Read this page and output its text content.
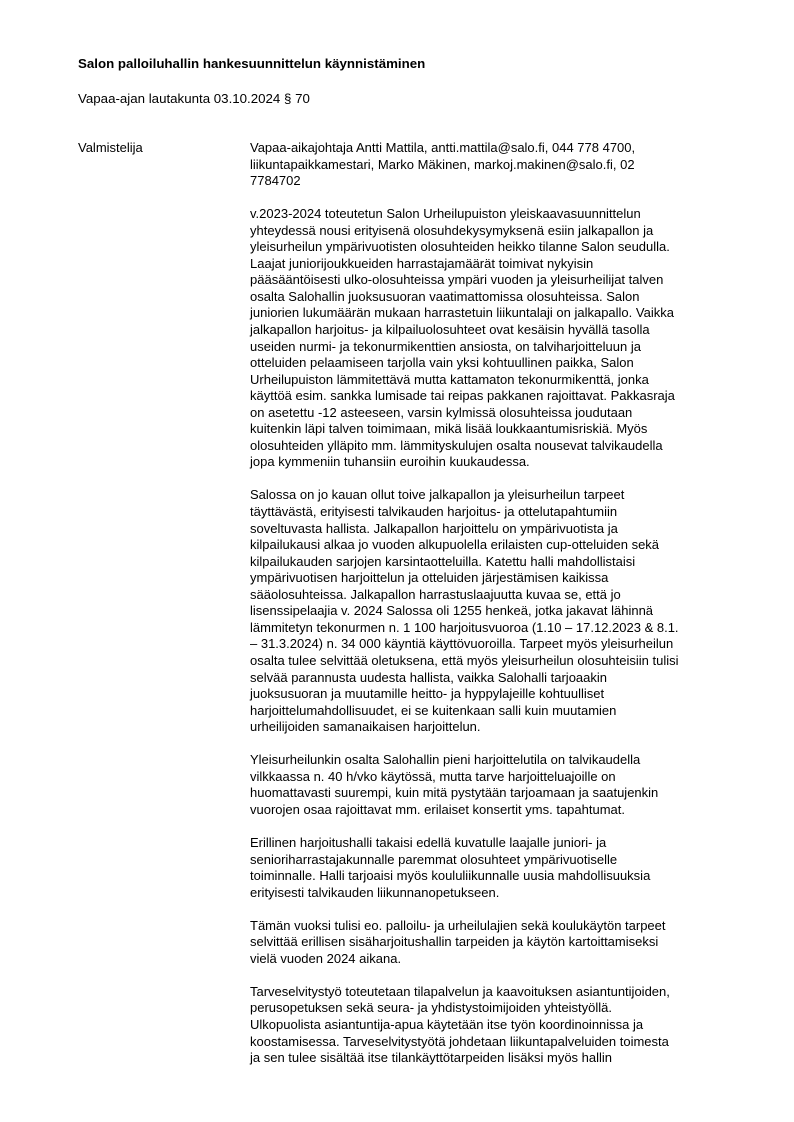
Salon palloiluhallin hankesuunnittelun käynnistäminen
Vapaa-ajan lautakunta 03.10.2024 § 70
Valmistelija	Vapaa-aikajohtaja Antti Mattila, antti.mattila@salo.fi, 044 778 4700,
liikuntapaikkamestari, Marko Mäkinen, markoj.makinen@salo.fi, 02
7784702
v.2023-2024 toteutetun Salon Urheilupuiston yleiskaavasuunnittelun
yhteydessä nousi erityisenä olosuhdekysymyksenä esiin jalkapallon ja
yleisurheilun ympärivuotisten olosuhteiden heikko tilanne Salon seudulla.
Laajat juniorijoukkueiden harrastajamäärät toimivat nykyisin
pääsääntöisesti ulko-olosuhteissa ympäri vuoden ja yleisurheilijat talven
osalta Salohallin juoksusuoran vaatimattomissa olosuhteissa. Salon
juniorien lukumäärän mukaan harrastetuin liikuntalaji on jalkapallo. Vaikka
jalkapallon harjoitus- ja kilpailuolosuhteet ovat kesäisin hyvällä tasolla
useiden nurmi- ja tekonurmikenttien ansiosta, on talviharjoitteluun ja
otteluiden pelaamiseen tarjolla vain yksi kohtuullinen paikka, Salon
Urheilupuiston lämmitettävä mutta kattamaton tekonurmikenttä, jonka
käyttöä esim. sankka lumisade tai reipas pakkanen rajoittavat. Pakkasraja
on asetettu -12 asteeseen, varsin kylmissä olosuhteissa joudutaan
kuitenkin läpi talven toimimaan, mikä lisää loukkaantumisriskiä. Myös
olosuhteiden ylläpito mm. lämmityskulujen osalta nousevat talvikaudella
jopa kymmeniin tuhansiin euroihin kuukaudessa.
Salossa on jo kauan ollut toive jalkapallon ja yleisurheilun tarpeet
täyttävästä, erityisesti talvikauden harjoitus- ja ottelutapahtumiin
soveltuvasta hallista. Jalkapallon harjoittelu on ympärivuotista ja
kilpailukausi alkaa jo vuoden alkupuolella erilaisten cup-otteluiden sekä
kilpailukauden sarjojen karsintaotteluilla. Katettu halli mahdollistaisi
ympärivuotisen harjoittelun ja otteluiden järjestämisen kaikissa
sääolosuhteissa. Jalkapallon harrastuslaajuutta kuvaa se, että jo
lisenssipelaajia v. 2024 Salossa oli 1255 henkeä, jotka jakavat lähinnä
lämmitetyn tekonurmen n. 1 100 harjoitusvuoroa (1.10 – 17.12.2023 & 8.1.
– 31.3.2024) n. 34 000 käyntiä käyttövuoroilla. Tarpeet myös yleisurheilun
osalta tulee selvittää oletuksena, että myös yleisurheilun olosuhteisiin tulisi
selvää parannusta uudesta hallista, vaikka Salohalli tarjoaakin
juoksusuoran ja muutamille heitto- ja hyppylajeille kohtuulliset
harjoittelumahdollisuudet, ei se kuitenkaan salli kuin muutamien
urheilijoiden samanaikaisen harjoittelun.
Yleisurheilunkin osalta Salohallin pieni harjoittelutila on talvikaudella
vilkkaassa n. 40 h/vko käytössä, mutta tarve harjoitteluajoille on
huomattavasti suurempi, kuin mitä pystytään tarjoamaan ja saatujenkin
vuorojen osaa rajoittavat mm. erilaiset konsertit yms. tapahtumat.
Erillinen harjoitushalli takaisi edellä kuvatulle laajalle juniori- ja
senioriharrastajakunnalle paremmat olosuhteet ympärivuotiselle
toiminnalle. Halli tarjoaisi myös koululiikunnalle uusia mahdollisuuksia
erityisesti talvikauden liikunnanopetukseen.
Tämän vuoksi tulisi eo. palloilu- ja urheilulajien sekä koulukäytön tarpeet
selvittää erillisen sisäharjoitushallin tarpeiden ja käytön kartoittamiseksi
vielä vuoden 2024 aikana.
Tarveselvitystyö toteutetaan tilapalvelun ja kaavoituksen asiantuntijoiden,
perusopetuksen sekä seura- ja yhdistystoimijoiden yhteistyöllä.
Ulkopuolista asiantuntija-apua käytetään itse työn koordinoinnissa ja
koostamisessa. Tarveselvitystyötä johdetaan liikuntapalveluiden toimesta
ja sen tulee sisältää itse tilankäyttötarpeiden lisäksi myös hallin
